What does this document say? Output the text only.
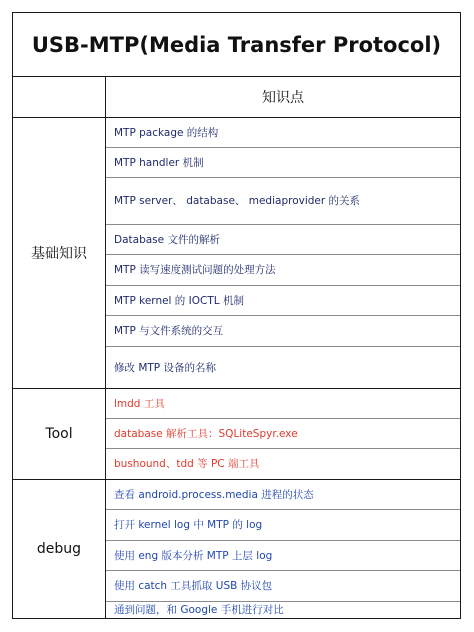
USB-MTP(Media Transfer Protocol)
知识点
基础知识
MTP package 的结构
MTP handler 机制
MTP server、 database、 mediaprovider 的关系
Database 文件的解析
MTP 读写速度测试问题的处理方法
MTP kernel 的 IOCTL 机制
MTP 与文件系统的交互
修改 MTP 设备的名称
Tool
lmdd 工具
database 解析工具：SQLiteSpyr.exe
bushound、tdd 等 PC 端工具
debug
查看 android.process.media 进程的状态
打开 kernel log 中 MTP 的 log
使用 eng 版本分析 MTP 上层 log
使用 catch 工具抓取 USB 协议包
通到问题，和 Google 手机进行对比
